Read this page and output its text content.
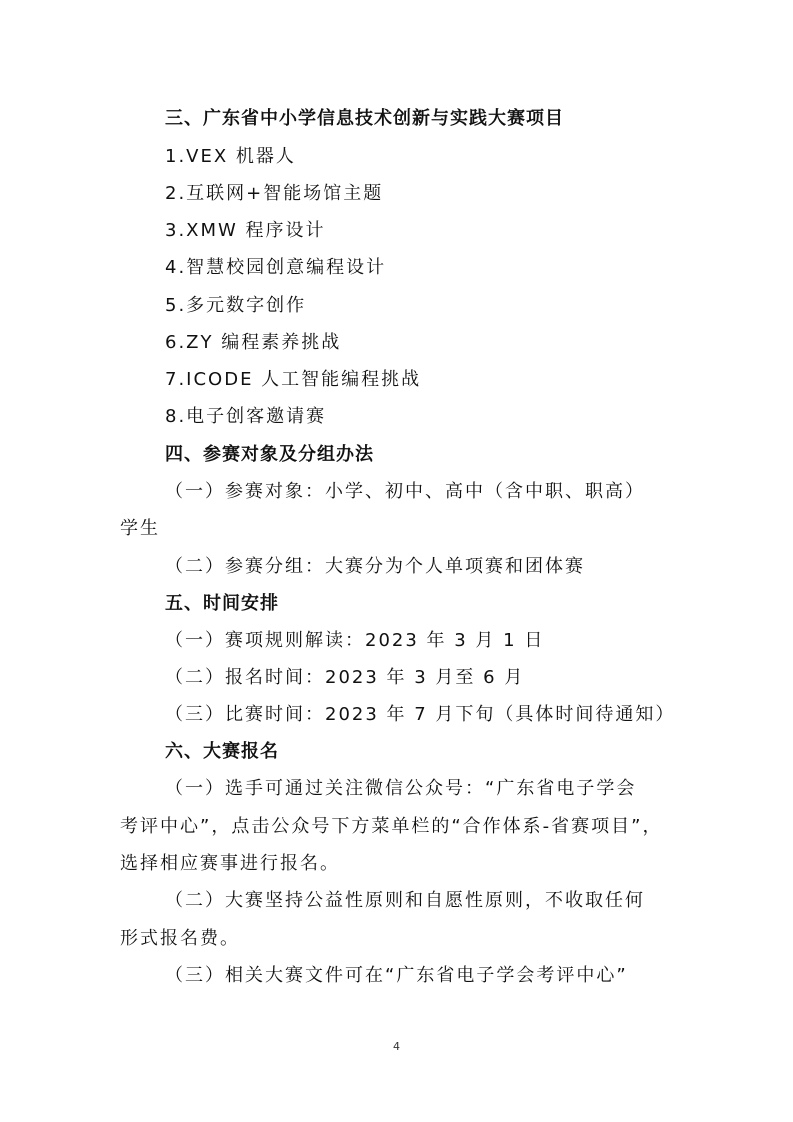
三、广东省中小学信息技术创新与实践大赛项目
1.VEX 机器人
2.互联网+智能场馆主题
3.XMW 程序设计
4.智慧校园创意编程设计
5.多元数字创作
6.ZY 编程素养挑战
7.ICODE 人工智能编程挑战
8.电子创客邀请赛
四、参赛对象及分组办法
（一）参赛对象：小学、初中、高中（含中职、职高）
学生
（二）参赛分组：大赛分为个人单项赛和团体赛
五、时间安排
（一）赛项规则解读：2023 年 3 月 1 日
（二）报名时间：2023 年 3 月至 6 月
（三）比赛时间：2023 年 7 月下旬（具体时间待通知）
六、大赛报名
（一）选手可通过关注微信公众号：“广东省电子学会
考评中心”，点击公众号下方菜单栏的“合作体系-省赛项目”，
选择相应赛事进行报名。
（二）大赛坚持公益性原则和自愿性原则，不收取任何
形式报名费。
（三）相关大赛文件可在“广东省电子学会考评中心”
4
